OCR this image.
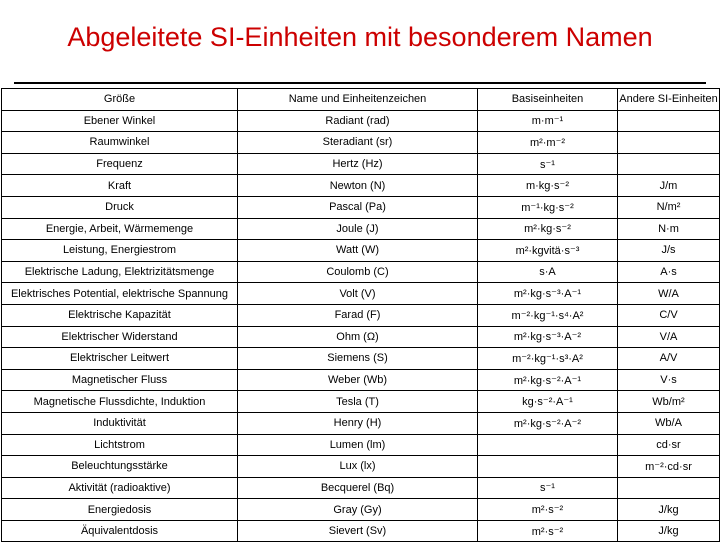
Abgeleitete SI-Einheiten mit besonderem Namen
Größe	Name und Einheitenzeichen	Basiseinheiten	Andere SI-Einheiten
Ebener Winkel	Radiant (rad)	m·m⁻¹	
Raumwinkel	Steradiant (sr)	m²·m⁻²	
Frequenz	Hertz (Hz)	s⁻¹	
Kraft	Newton (N)	m·kg·s⁻²	J/m
Druck	Pascal (Pa)	m⁻¹·kg·s⁻²	N/m²
Energie, Arbeit, Wärmemenge	Joule (J)	m²·kg·s⁻²	N·m
Leistung, Energiestrom	Watt (W)	m²·kgvitä·s⁻³	J/s
Elektrische Ladung, Elektrizitätsmenge	Coulomb (C)	s·A	A·s
Elektrisches Potential, elektrische Spannung	Volt (V)	m²·kg·s⁻³·A⁻¹	W/A
Elektrische Kapazität	Farad (F)	m⁻²·kg⁻¹·s⁴·A²	C/V
Elektrischer Widerstand	Ohm (Ω)	m²·kg·s⁻³·A⁻²	V/A
Elektrischer Leitwert	Siemens (S)	m⁻²·kg⁻¹·s³·A²	A/V
Magnetischer Fluss	Weber (Wb)	m²·kg·s⁻²·A⁻¹	V·s
Magnetische Flussdichte, Induktion	Tesla (T)	kg·s⁻²·A⁻¹	Wb/m²
Induktivität	Henry (H)	m²·kg·s⁻²·A⁻²	Wb/A
Lichtstrom	Lumen (lm)		cd·sr
Beleuchtungsstärke	Lux (lx)		m⁻²·cd·sr
Aktivität (radioaktive)	Becquerel (Bq)	s⁻¹	
Energiedosis	Gray (Gy)	m²·s⁻²	J/kg
Äquivalentdosis	Sievert (Sv)	m²·s⁻²	J/kg
